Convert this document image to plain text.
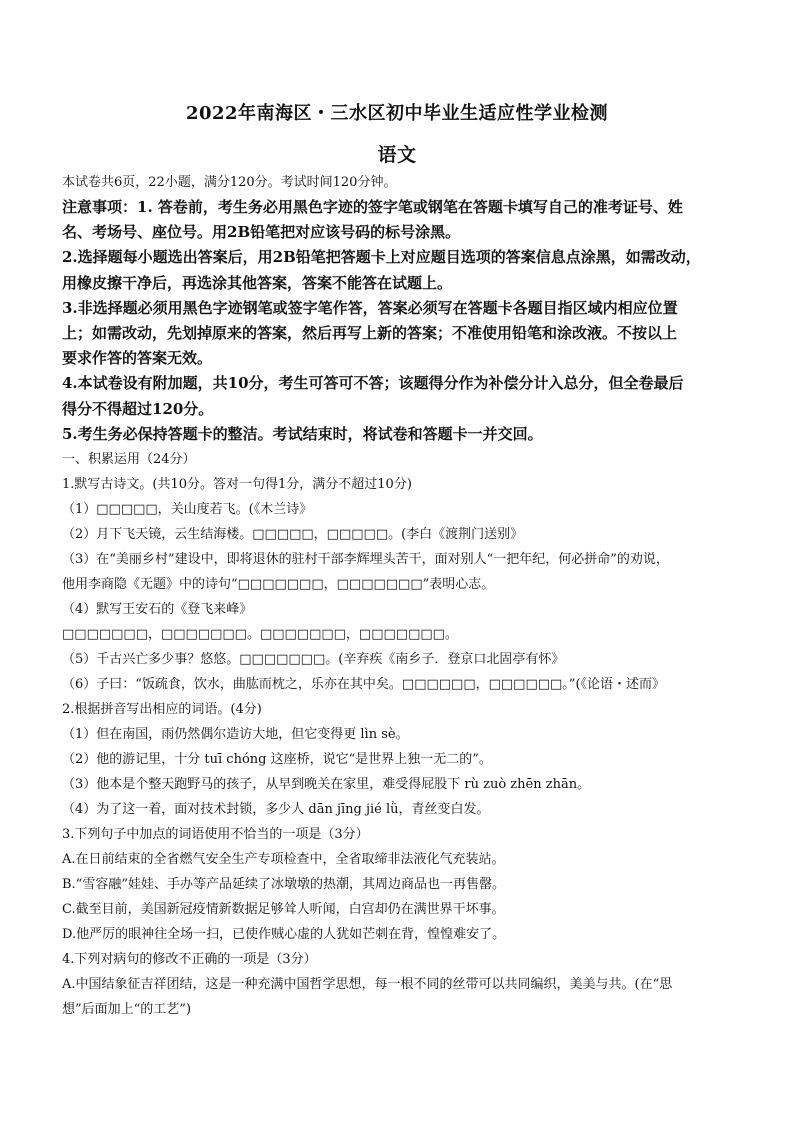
2022年南海区・三水区初中毕业生适应性学业检测
语文
本试卷共6页，22小题，满分120分。考试时间120分钟。
注意事项：1. 答卷前，考生务必用黑色字迹的签字笔或钢笔在答题卡填写自己的准考证号、姓
名、考场号、座位号。用2B铅笔把对应该号码的标号涂黑。
2.选择题每小题选出答案后，用2B铅笔把答题卡上对应题目选项的答案信息点涂黑，如需改动，
用橡皮擦干净后，再选涂其他答案，答案不能答在试题上。
3.非选择题必须用黑色字迹钢笔或签字笔作答，答案必须写在答题卡各题目指区域内相应位置
上；如需改动，先划掉原来的答案，然后再写上新的答案；不准使用铅笔和涂改液。不按以上
要求作答的答案无效。
4.本试卷设有附加题，共10分，考生可答可不答；该题得分作为补偿分计入总分，但全卷最后
得分不得超过120分。
5.考生务必保持答题卡的整洁。考试结束时，将试卷和答题卡一并交回。
一、积累运用（24分）
1.默写古诗文。(共10分。答对一句得1分，满分不超过10分)
（1）□□□□□，关山度若飞。(《木兰诗》
（2）月下飞天镜，云生结海楼。□□□□□，□□□□□。(李白《渡荆门送别》
（3）在“美丽乡村”建设中，即将退休的驻村干部李辉埋头苦干，面对别人“一把年纪，何必拼命”的劝说，
他用李商隐《无题》中的诗句“□□□□□□□，□□□□□□□”表明心志。
（4）默写王安石的《登飞来峰》
□□□□□□□，□□□□□□□。□□□□□□□，□□□□□□□。
（5）千古兴亡多少事？悠悠。□□□□□□□。(辛弃疾《南乡子．登京口北固亭有怀》
（6）子曰：“饭疏食，饮水，曲肱而枕之，乐亦在其中矣。□□□□□□，□□□□□□。”(《论语・述而》
2.根据拼音写出相应的词语。(4分)
（1）但在南国，雨仍然偶尔造访大地，但它变得更 lìn sè。
（2）他的游记里，十分 tuī chóng 这座桥，说它“是世界上独一无二的”。
（3）他本是个整天跑野马的孩子，从早到晚关在家里，难受得屁股下 rù zuò zhēn zhān。
（4）为了这一着，面对技术封锁，多少人 dān jīng jié lǜ，青丝变白发。
3.下列句子中加点的词语使用不恰当的一项是（3分）
A.在日前结束的全省燃气安全生产专项检查中，全省取缔非法液化气充装站。
B.“雪容融”娃娃、手办等产品延续了冰墩墩的热潮，其周边商品也一再售罄。
C.截至目前，美国新冠疫情新数据足够耸人听闻，白宫却仍在满世界干坏事。
D.他严厉的眼神往全场一扫，已使作贼心虚的人犹如芒刺在背，惶惶难安了。
4.下列对病句的修改不正确的一项是（3分）
A.中国结象征吉祥团结，这是一种充满中国哲学思想，每一根不同的丝带可以共同编织，美美与共。(在“思
想”后面加上“的工艺”)
